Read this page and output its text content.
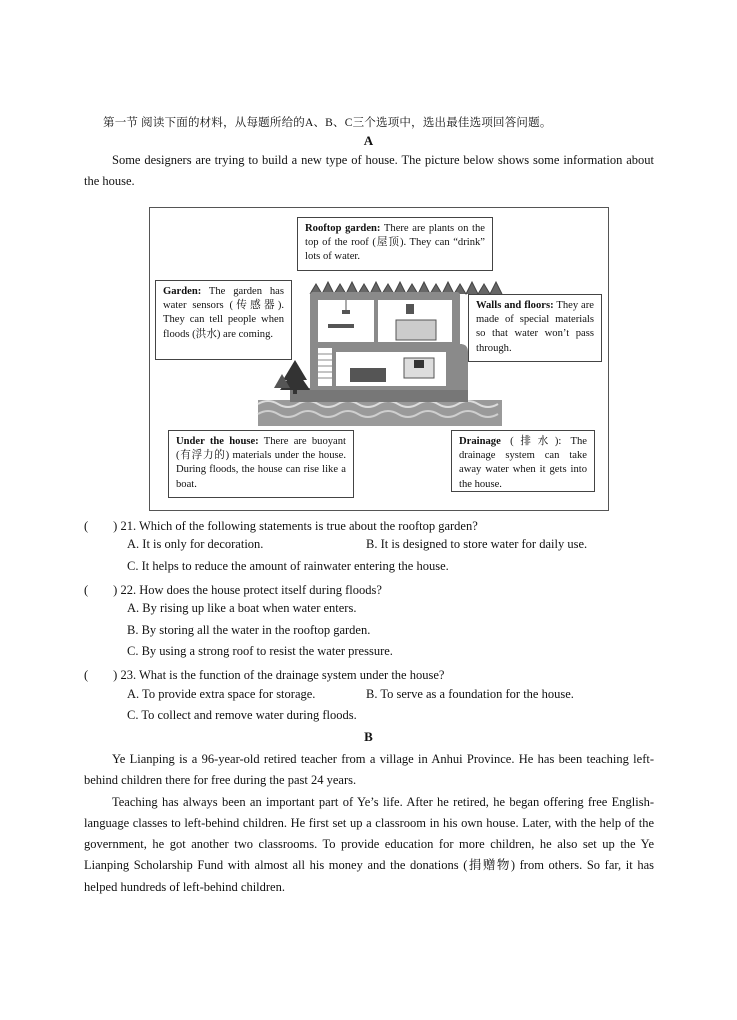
第一节 阅读下面的材料，从每题所给的A、B、C三个选项中，选出最佳选项回答问题。
A

Some designers are trying to build a new type of house. The picture below shows some information about the house.

Rooftop garden: There are plants on the top of the roof (屋顶). They can “drink” lots of water.
Garden: The garden has water sensors (传感器). They can tell people when floods (洪水) are coming.
Walls and floors: They are made of special materials so that water won’t pass through.
Under the house: There are buoyant (有浮力的) materials under the house. During floods, the house can rise like a boat.
Drainage (排水): The drainage system can take away water when it gets into the house.
(　　) 21. Which of the following statements is true about the rooftop garden?
A. It is only for decoration.	B. It is designed to store water for daily use.
C. It helps to reduce the amount of rainwater entering the house.
(　　) 22. How does the house protect itself during floods?
A. By rising up like a boat when water enters.
B. By storing all the water in the rooftop garden.
C. By using a strong roof to resist the water pressure.
(　　) 23. What is the function of the drainage system under the house?
A. To provide extra space for storage.	B. To serve as a foundation for the house.
C. To collect and remove water during floods.
B

Ye Lianping is a 96-year-old retired teacher from a village in Anhui Province. He has been teaching left-behind children there for free during the past 24 years.

Teaching has always been an important part of Ye’s life. After he retired, he began offering free English-language classes to left-behind children. He first set up a classroom in his own house. Later, with the help of the government, he got another two classrooms. To provide education for more children, he also set up the Ye Lianping Scholarship Fund with almost all his money and the donations (捐赠物) from others. So far, it has helped hundreds of left-behind children.
